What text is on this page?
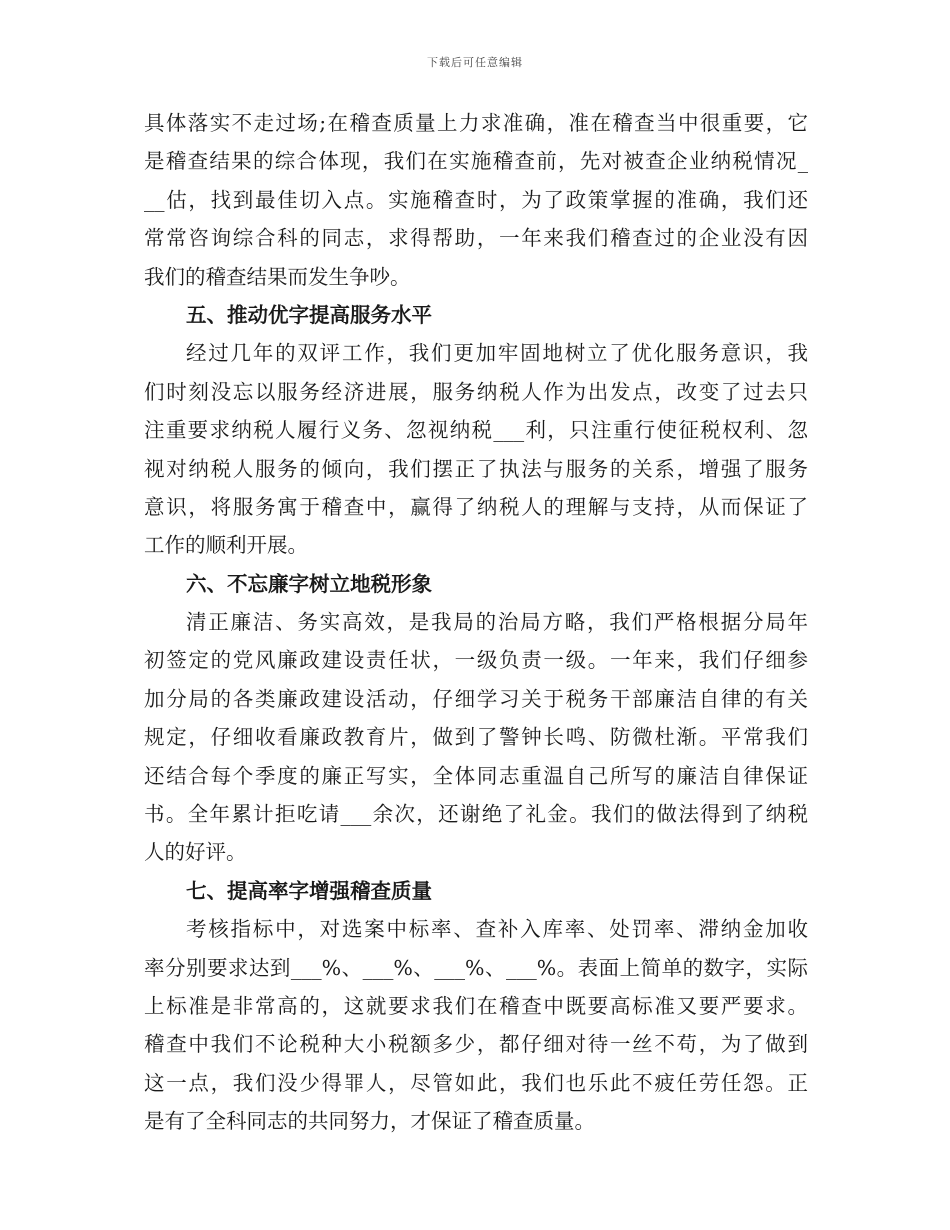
下载后可任意编辑
具体落实不走过场;在稽查质量上力求准确，准在稽查当中很重要，它
是稽查结果的综合体现，我们在实施稽查前，先对被查企业纳税情况_
__估，找到最佳切入点。实施稽查时，为了政策掌握的准确，我们还
常常咨询综合科的同志，求得帮助，一年来我们稽查过的企业没有因
我们的稽查结果而发生争吵。
五、推动优字提高服务水平
经过几年的双评工作，我们更加牢固地树立了优化服务意识，我
们时刻没忘以服务经济进展，服务纳税人作为出发点，改变了过去只
注重要求纳税人履行义务、忽视纳税___利，只注重行使征税权利、忽
视对纳税人服务的倾向，我们摆正了执法与服务的关系，增强了服务
意识，将服务寓于稽查中，赢得了纳税人的理解与支持，从而保证了
工作的顺利开展。
六、不忘廉字树立地税形象
清正廉洁、务实高效，是我局的治局方略，我们严格根据分局年
初签定的党风廉政建设责任状，一级负责一级。一年来，我们仔细参
加分局的各类廉政建设活动，仔细学习关于税务干部廉洁自律的有关
规定，仔细收看廉政教育片，做到了警钟长鸣、防微杜渐。平常我们
还结合每个季度的廉正写实，全体同志重温自己所写的廉洁自律保证
书。全年累计拒吃请___余次，还谢绝了礼金。我们的做法得到了纳税
人的好评。
七、提高率字增强稽查质量
考核指标中，对选案中标率、查补入库率、处罚率、滞纳金加收
率分别要求达到___%、___%、___%、___%。表面上简单的数字，实际
上标准是非常高的，这就要求我们在稽查中既要高标准又要严要求。
稽查中我们不论税种大小税额多少，都仔细对待一丝不苟，为了做到
这一点，我们没少得罪人，尽管如此，我们也乐此不疲任劳任怨。正
是有了全科同志的共同努力，才保证了稽查质量。
